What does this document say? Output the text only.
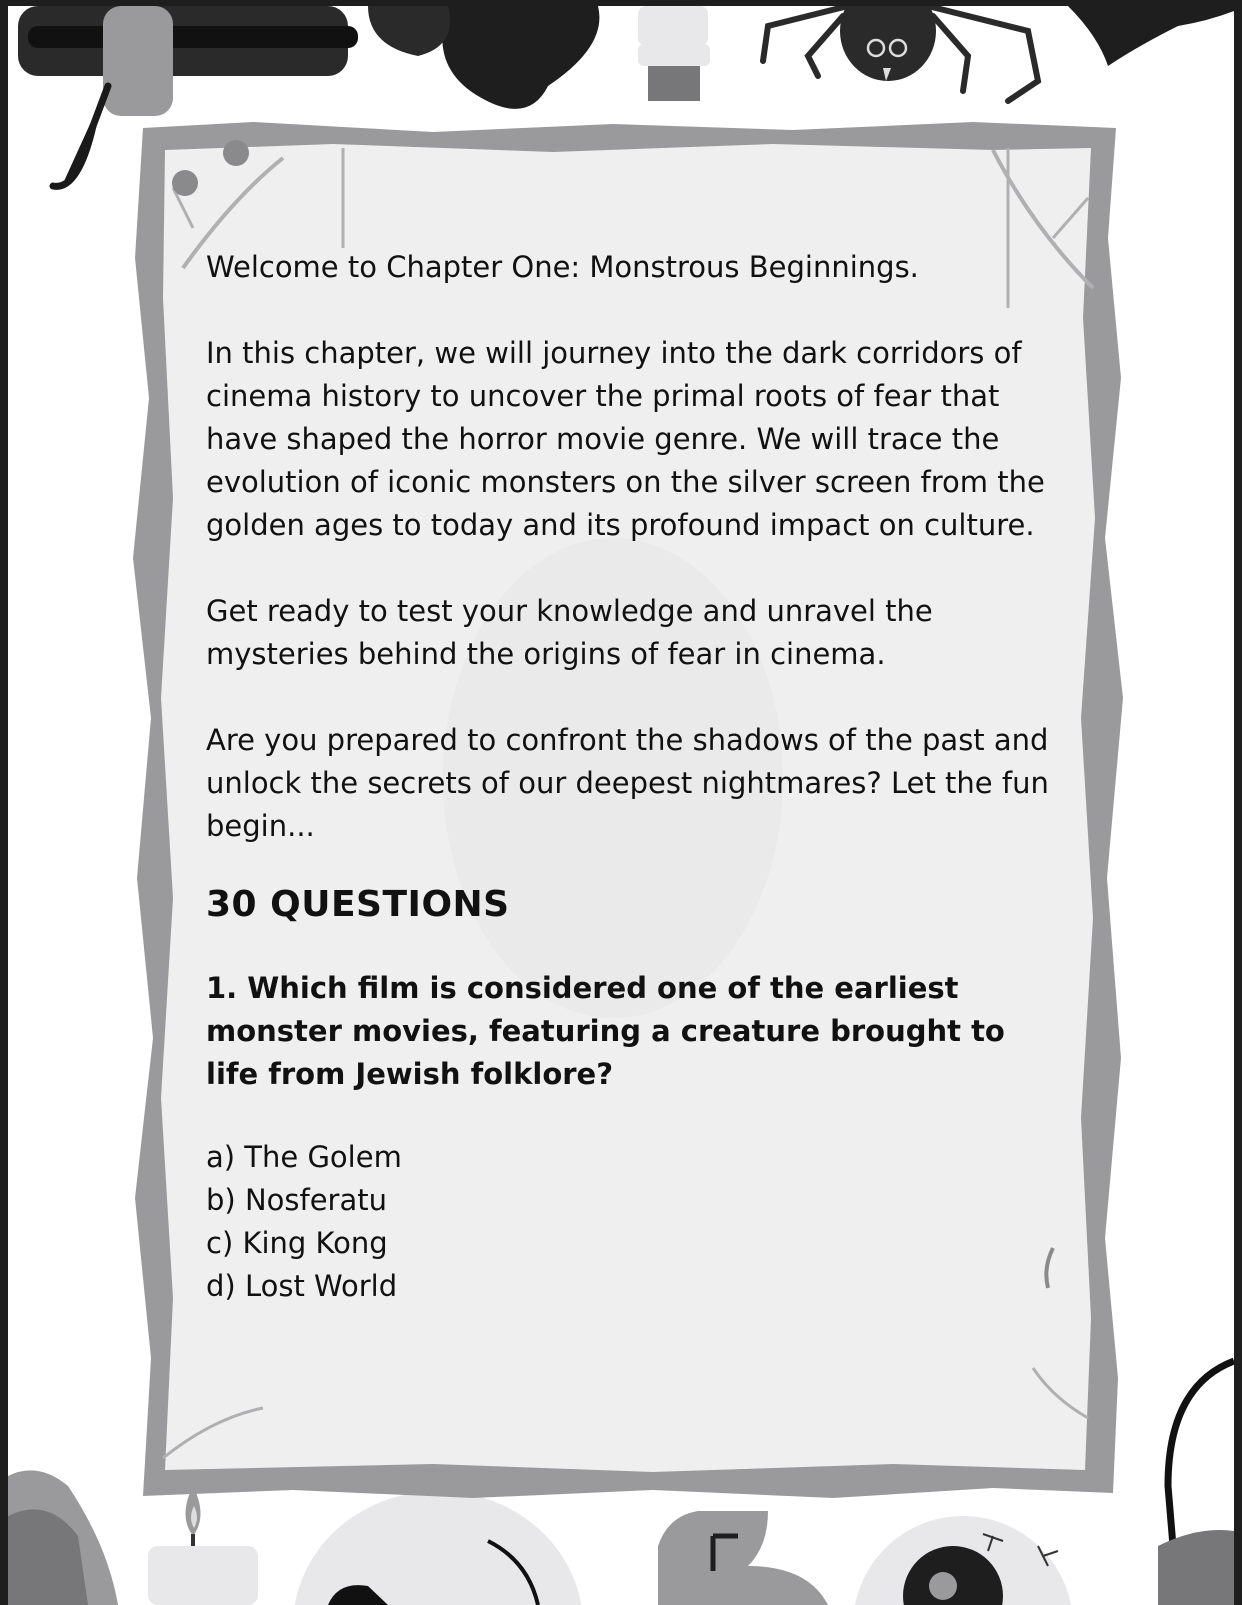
Welcome to Chapter One: Monstrous Beginnings.

In this chapter, we will journey into the dark corridors of cinema history to uncover the primal roots of fear that have shaped the horror movie genre. We will trace the evolution of iconic monsters on the silver screen from the golden ages to today and its profound impact on culture.

Get ready to test your knowledge and unravel the mysteries behind the origins of fear in cinema.

Are you prepared to confront the shadows of the past and unlock the secrets of our deepest nightmares? Let the fun begin...

30 QUESTIONS

1. Which film is considered one of the earliest monster movies, featuring a creature brought to life from Jewish folklore?

a) The Golem
b) Nosferatu
c) King Kong
d) Lost World
